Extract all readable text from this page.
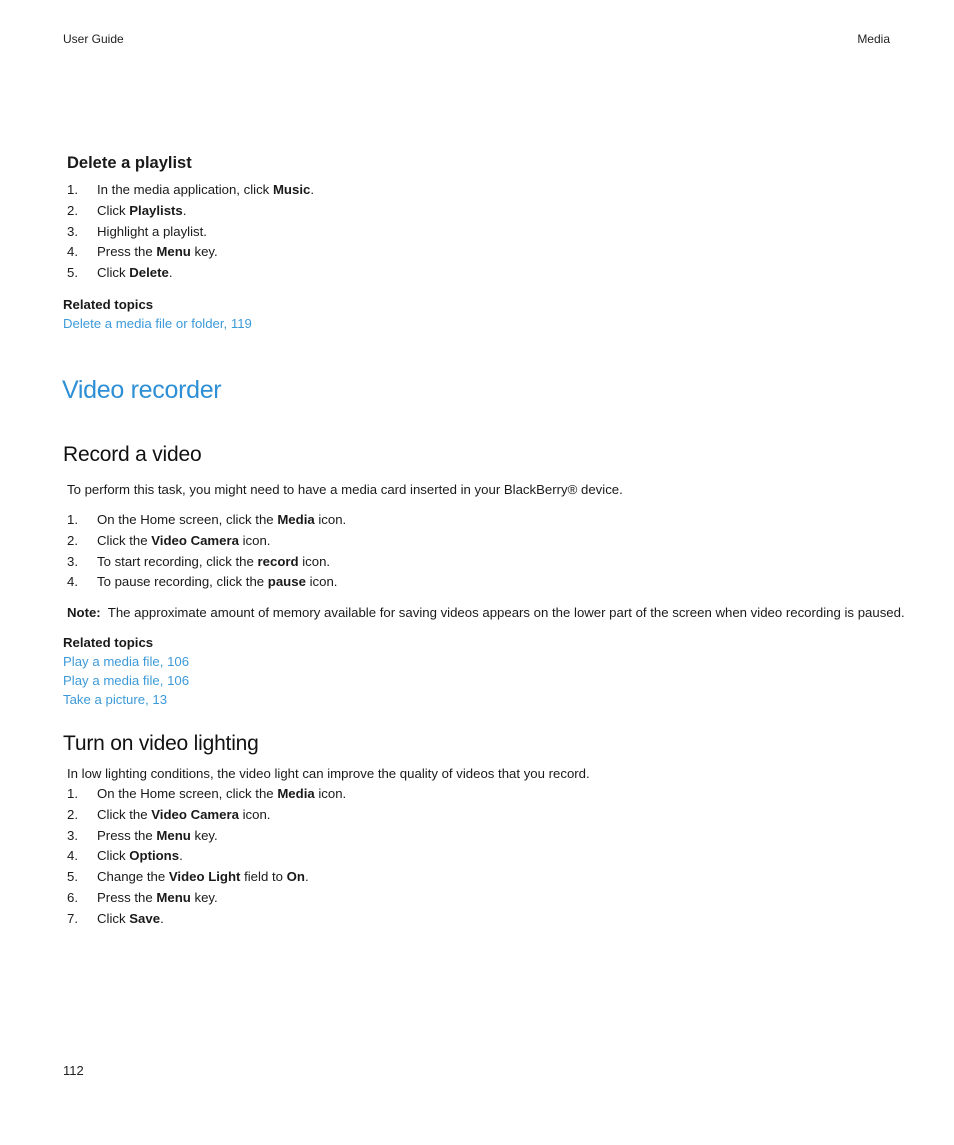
User Guide	Media
Delete a playlist
1. In the media application, click Music.
2. Click Playlists.
3. Highlight a playlist.
4. Press the Menu key.
5. Click Delete.
Related topics
Delete a media file or folder, 119
Video recorder
Record a video
To perform this task, you might need to have a media card inserted in your BlackBerry® device.
1. On the Home screen, click the Media icon.
2. Click the Video Camera icon.
3. To start recording, click the record icon.
4. To pause recording, click the pause icon.
Note: The approximate amount of memory available for saving videos appears on the lower part of the screen when video recording is paused.
Related topics
Play a media file, 106
Play a media file, 106
Take a picture, 13
Turn on video lighting
In low lighting conditions, the video light can improve the quality of videos that you record.
1. On the Home screen, click the Media icon.
2. Click the Video Camera icon.
3. Press the Menu key.
4. Click Options.
5. Change the Video Light field to On.
6. Press the Menu key.
7. Click Save.
112
